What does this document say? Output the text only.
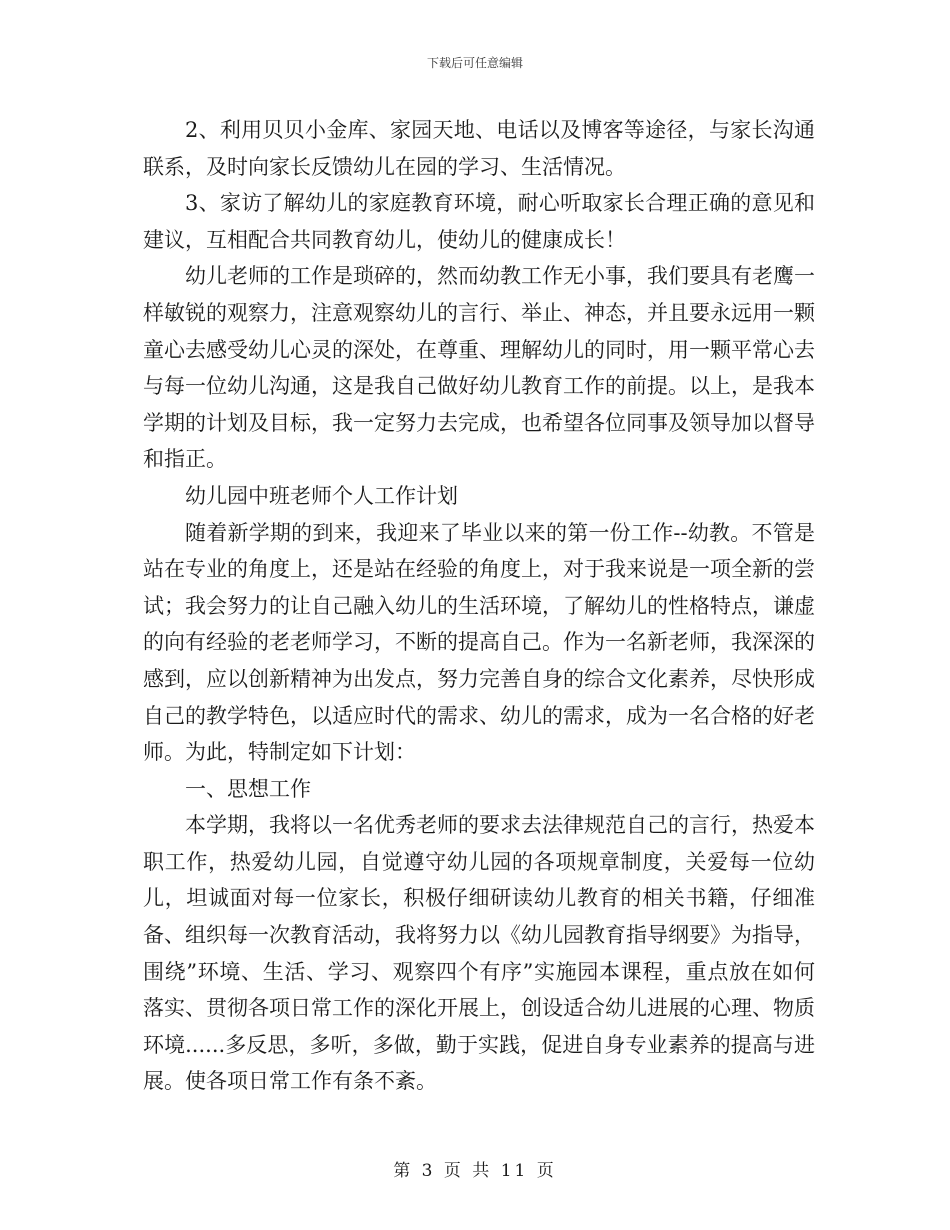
下载后可任意编辑

2、利用贝贝小金库、家园天地、电话以及博客等途径，与家长沟通联系，及时向家长反馈幼儿在园的学习、生活情况。

3、家访了解幼儿的家庭教育环境，耐心听取家长合理正确的意见和建议，互相配合共同教育幼儿，使幼儿的健康成长！

幼儿老师的工作是琐碎的，然而幼教工作无小事，我们要具有老鹰一样敏锐的观察力，注意观察幼儿的言行、举止、神态，并且要永远用一颗童心去感受幼儿心灵的深处，在尊重、理解幼儿的同时，用一颗平常心去与每一位幼儿沟通，这是我自己做好幼儿教育工作的前提。以上，是我本学期的计划及目标，我一定努力去完成，也希望各位同事及领导加以督导和指正。

幼儿园中班老师个人工作计划

随着新学期的到来，我迎来了毕业以来的第一份工作--幼教。不管是站在专业的角度上，还是站在经验的角度上，对于我来说是一项全新的尝试；我会努力的让自己融入幼儿的生活环境，了解幼儿的性格特点，谦虚的向有经验的老老师学习，不断的提高自己。作为一名新老师，我深深的感到，应以创新精神为出发点，努力完善自身的综合文化素养，尽快形成自己的教学特色，以适应时代的需求、幼儿的需求，成为一名合格的好老师。为此，特制定如下计划：

一、思想工作

本学期，我将以一名优秀老师的要求去法律规范自己的言行，热爱本职工作，热爱幼儿园，自觉遵守幼儿园的各项规章制度，关爱每一位幼儿，坦诚面对每一位家长，积极仔细研读幼儿教育的相关书籍，仔细准备、组织每一次教育活动，我将努力以《幼儿园教育指导纲要》为指导，围绕”环境、生活、学习、观察四个有序”实施园本课程，重点放在如何落实、贯彻各项日常工作的深化开展上，创设适合幼儿进展的心理、物质环境......多反思，多听，多做，勤于实践，促进自身专业素养的提高与进展。使各项日常工作有条不紊。

第 3 页 共 11 页
